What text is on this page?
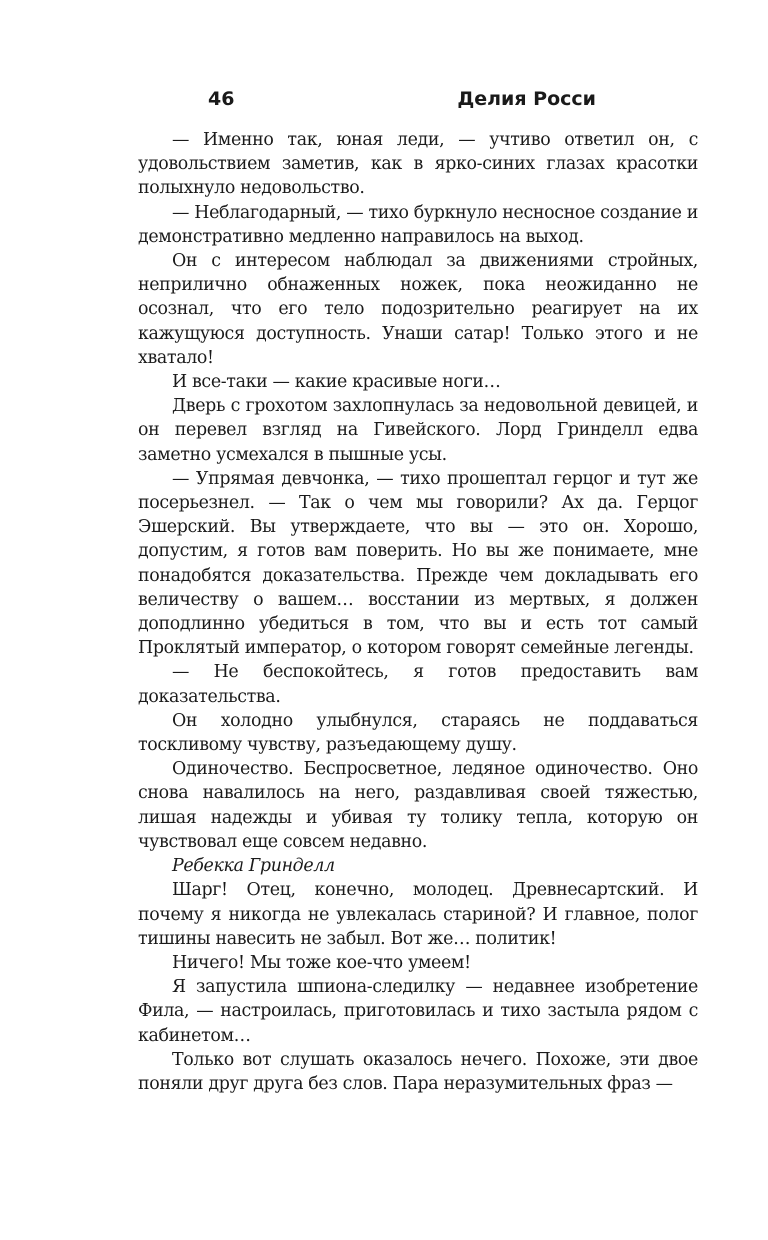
46	Делия Росси

— Именно так, юная леди, — учтиво ответил он, с удовольствием заметив, как в ярко-синих глазах красотки полыхнуло недовольство.

— Неблагодарный, — тихо буркнуло несносное создание и демонстративно медленно направилось на выход.

Он с интересом наблюдал за движениями стройных, неприлично обнаженных ножек, пока неожиданно не осознал, что его тело подозрительно реагирует на их кажущуюся доступность. Унаши сатар! Только этого и не хватало!

И все-таки — какие красивые ноги…

Дверь с грохотом захлопнулась за недовольной девицей, и он перевел взгляд на Гивейского. Лорд Гринделл едва заметно усмехался в пышные усы.

— Упрямая девчонка, — тихо прошептал герцог и тут же посерьезнел. — Так о чем мы говорили? Ах да. Герцог Эшерский. Вы утверждаете, что вы — это он. Хорошо, допустим, я готов вам поверить. Но вы же понимаете, мне понадобятся доказательства. Прежде чем докладывать его величеству о вашем… восстании из мертвых, я должен доподлинно убедиться в том, что вы и есть тот самый Проклятый император, о котором говорят семейные легенды.

— Не беспокойтесь, я готов предоставить вам доказательства.

Он холодно улыбнулся, стараясь не поддаваться тоскливому чувству, разъедающему душу.

Одиночество. Беспросветное, ледяное одиночество. Оно снова навалилось на него, раздавливая своей тяжестью, лишая надежды и убивая ту толику тепла, которую он чувствовал еще совсем недавно.

Ребекка Гринделл

Шарг! Отец, конечно, молодец. Древнесартский. И почему я никогда не увлекалась стариной? И главное, полог тишины навесить не забыл. Вот же… политик!

Ничего! Мы тоже кое-что умеем!

Я запустила шпиона-следилку — недавнее изобретение Фила, — настроилась, приготовилась и тихо застыла рядом с кабинетом…

Только вот слушать оказалось нечего. Похоже, эти двое поняли друг друга без слов. Пара неразумительных фраз —
